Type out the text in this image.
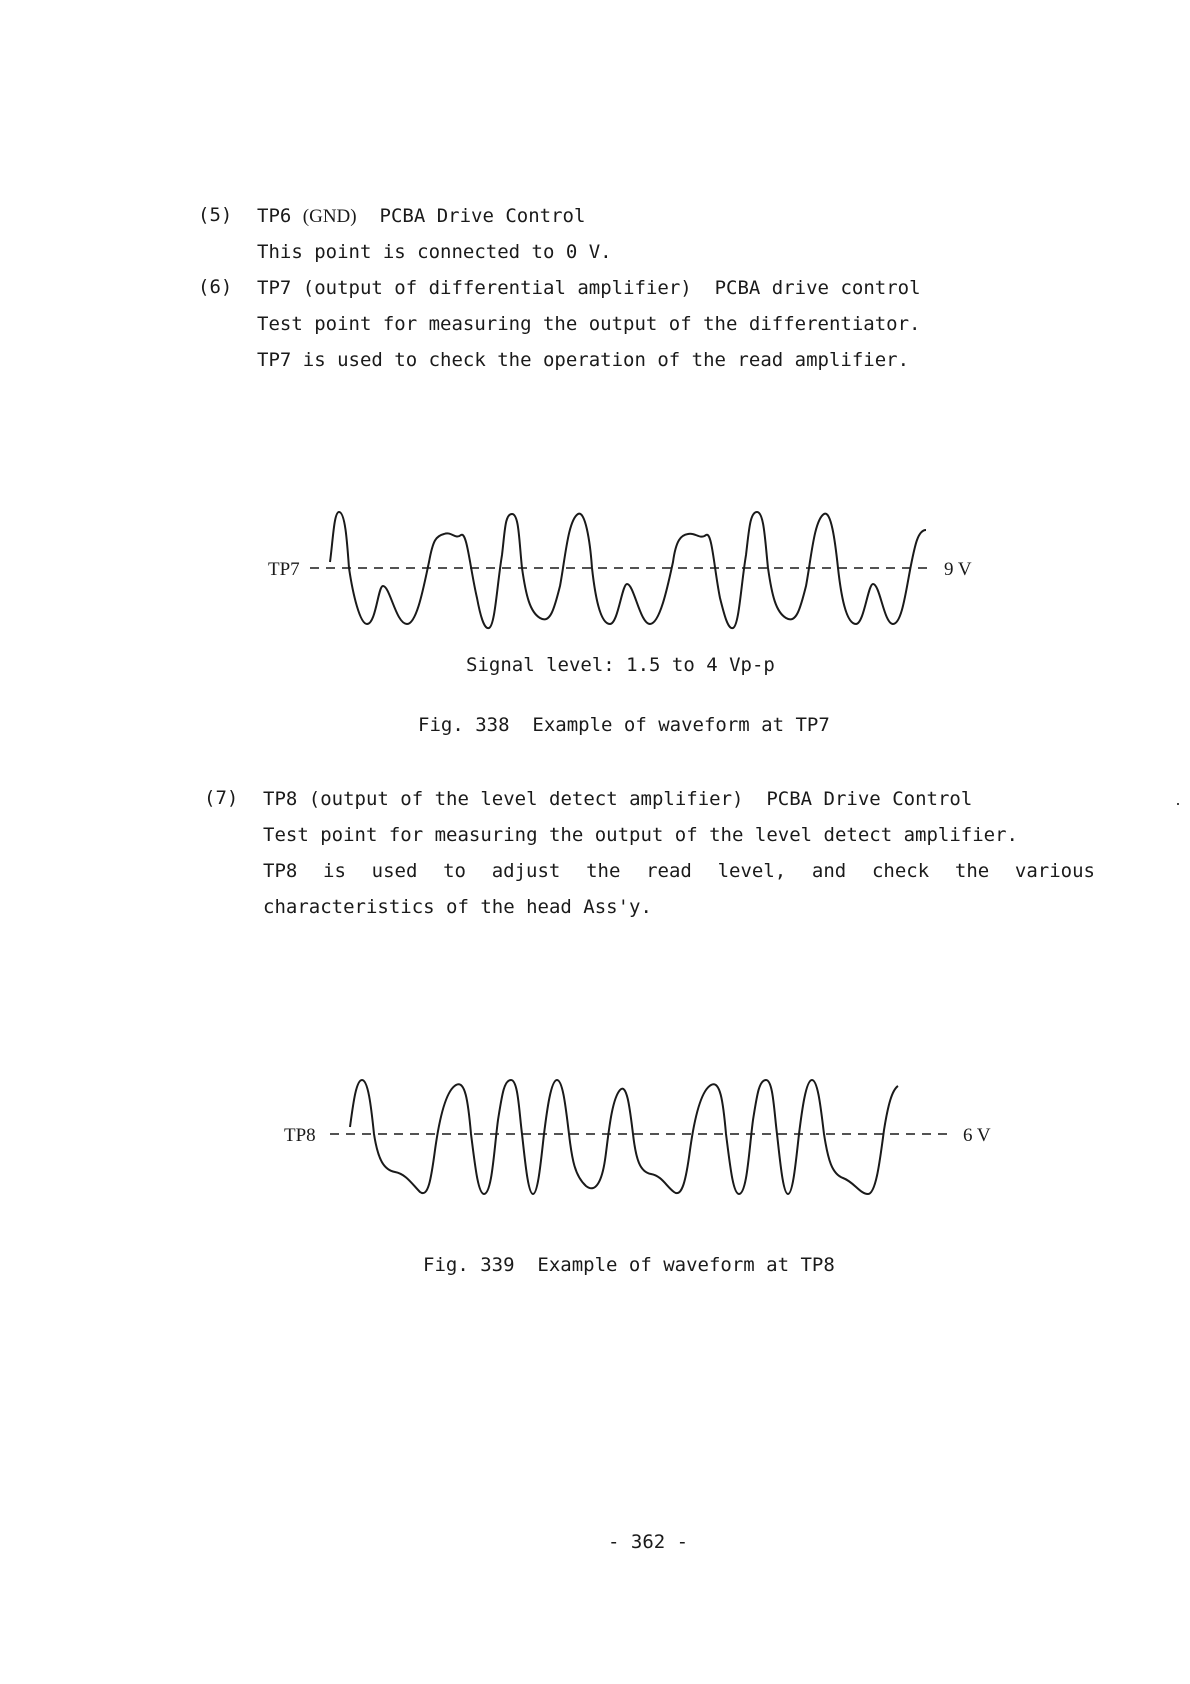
(5) TP6 (GND) PCBA Drive Control
This point is connected to 0 V.
(6) TP7 (output of differential amplifier) PCBA drive control
Test point for measuring the output of the differentiator.
TP7 is used to check the operation of the read amplifier.
TP7	9 V
TP8	6 V
Signal level: 1.5 to 4 Vp-p
Fig. 338  Example of waveform at TP7
(7) TP8 (output of the level detect amplifier) PCBA Drive Control
Test point for measuring the output of the level detect amplifier.
TP8 is used to adjust the read level, and check the various
characteristics of the head Ass'y.
Fig. 339  Example of waveform at TP8
- 362 -
